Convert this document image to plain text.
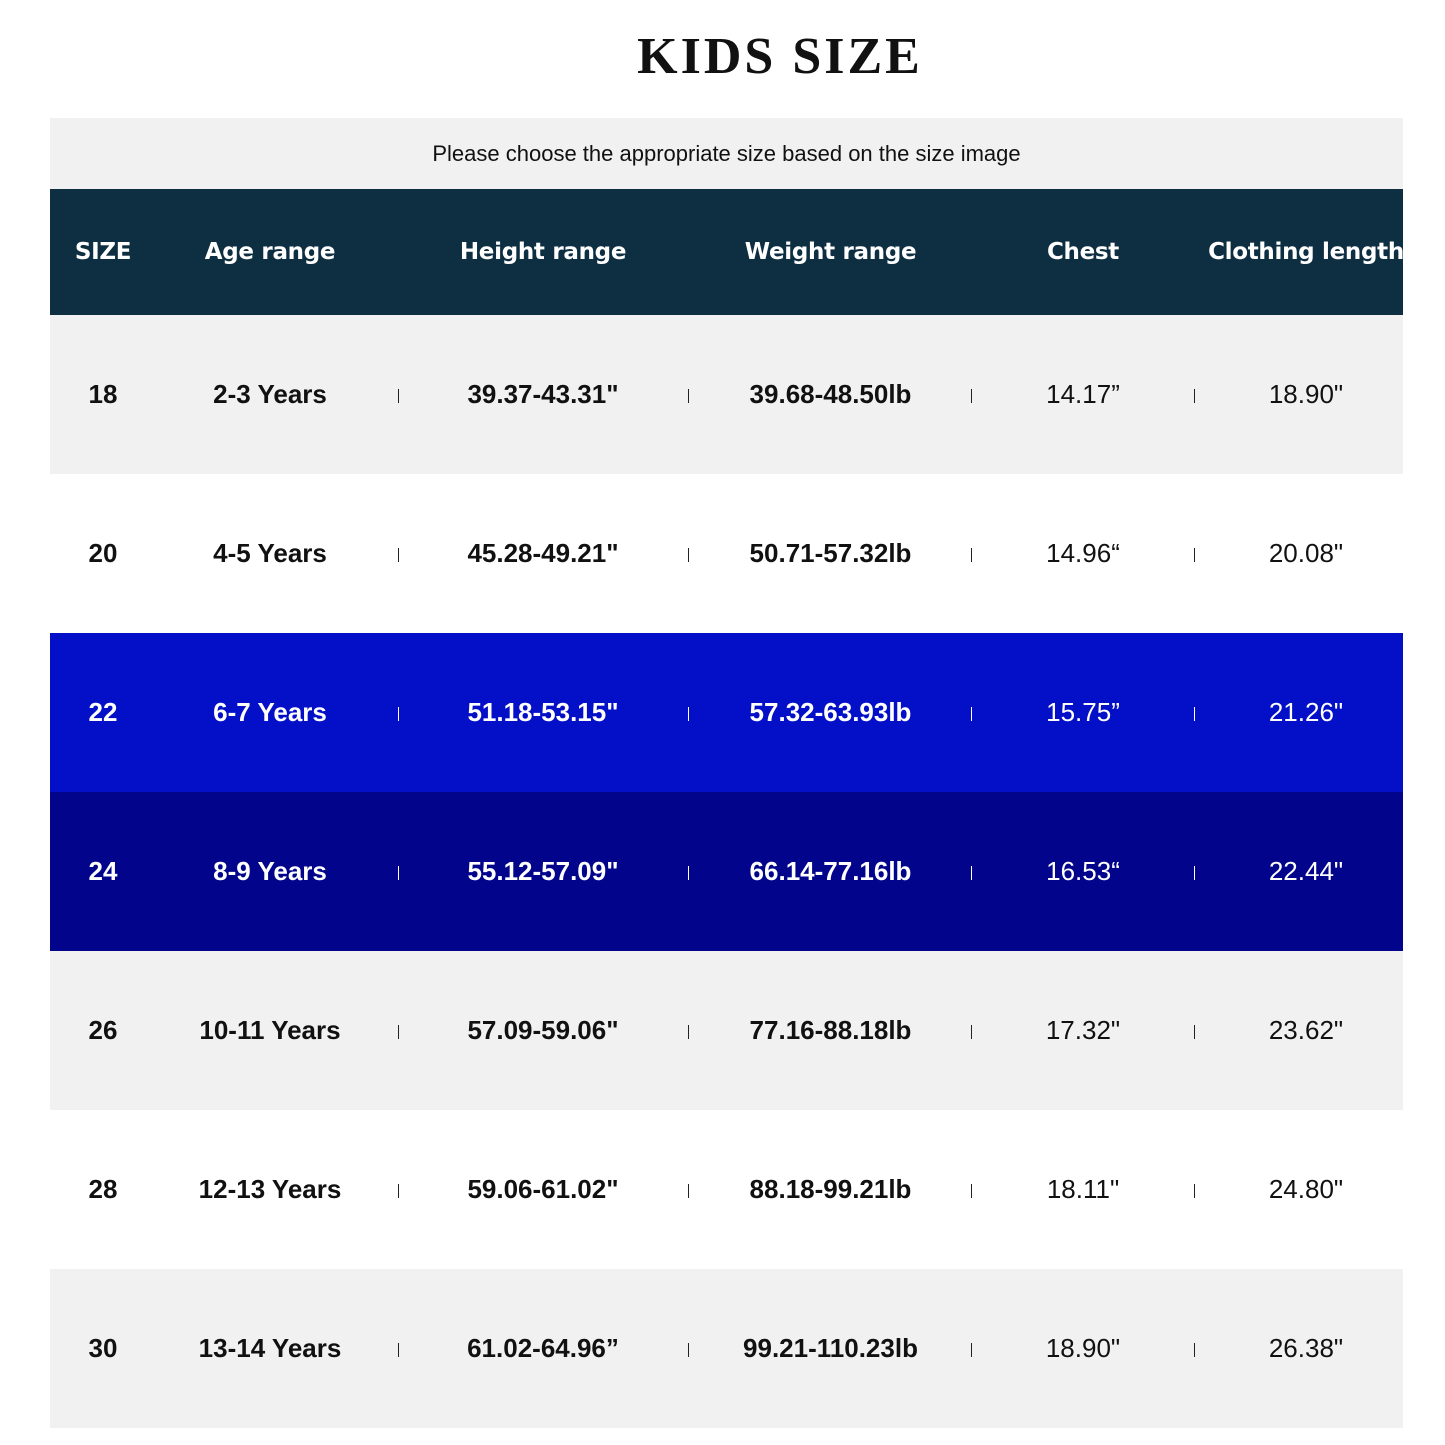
KIDS SIZE
Please choose the appropriate size based on the size image
SIZE	Age range	Height range	Weight range	Chest	Clothing length
18	2-3 Years	39.37-43.31"	39.68-48.50lb	14.17”	18.90"
20	4-5 Years	45.28-49.21"	50.71-57.32lb	14.96“	20.08"
22	6-7 Years	51.18-53.15"	57.32-63.93lb	15.75”	21.26"
24	8-9 Years	55.12-57.09"	66.14-77.16lb	16.53“	22.44"
26	10-11 Years	57.09-59.06"	77.16-88.18lb	17.32"	23.62"
28	12-13 Years	59.06-61.02"	88.18-99.21lb	18.11"	24.80"
30	13-14 Years	61.02-64.96”	99.21-110.23lb	18.90"	26.38"
